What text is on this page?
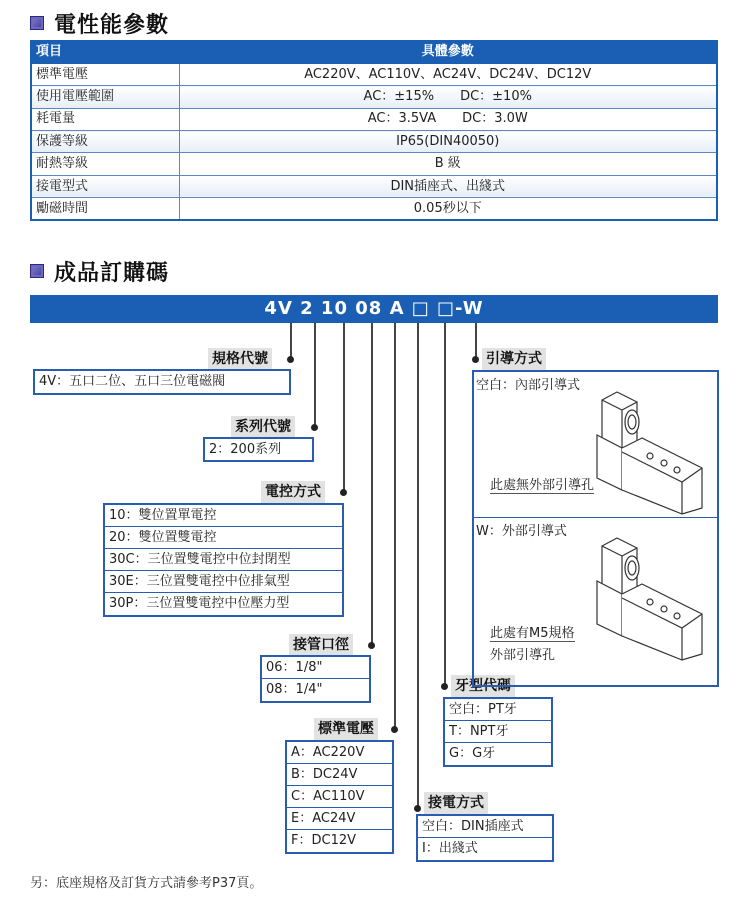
電性能參數
項目	具體參數
標準電壓	AC220V、AC110V、AC24V、DC24V、DC12V
使用電壓範圍	AC：±15%　　DC：±10%
耗電量	AC：3.5VA　　DC：3.0W
保護等級	IP65(DIN40050)
耐熱等級	B 級
接電型式	DIN插座式、出綫式
勵磁時間	0.05秒以下
成品訂購碼
4V 2 10 08 A □ □-W
規格代號
4V：五口二位、五口三位電磁閥
系列代號
2：200系列
電控方式
10：雙位置單電控
20：雙位置雙電控
30C：三位置雙電控中位封閉型
30E：三位置雙電控中位排氣型
30P：三位置雙電控中位壓力型
接管口徑
06：1/8"
08：1/4"
標準電壓
A：AC220V
B：DC24V
C：AC110V
E：AC24V
F：DC12V
接電方式
空白：DIN插座式
I：出綫式
牙型代碼
空白：PT牙
T：NPT牙
G：G牙
引導方式
空白：內部引導式
此處無外部引導孔
W：外部引導式
此處有M5規格
外部引導孔
另：底座規格及訂貨方式請參考P37頁。
